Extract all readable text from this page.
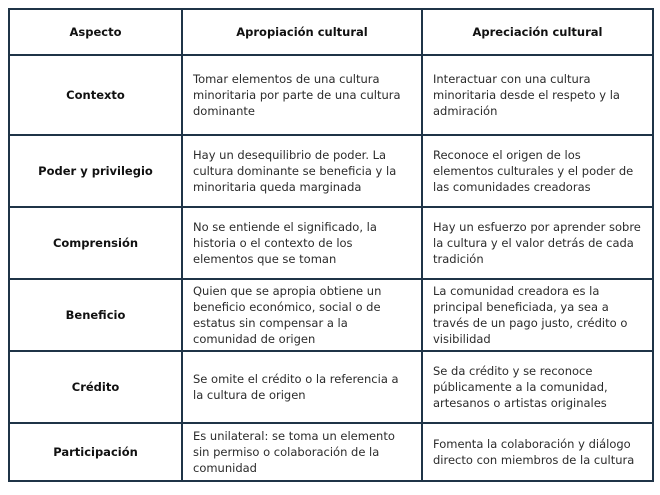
Aspecto	Apropiación cultural	Apreciación cultural
Contexto	Tomar elementos de una cultura minoritaria por parte de una cultura dominante	Interactuar con una cultura minoritaria desde el respeto y la admiración
Poder y privilegio	Hay un desequilibrio de poder. La cultura dominante se beneficia y la minoritaria queda marginada	Reconoce el origen de los elementos culturales y el poder de las comunidades creadoras
Comprensión	No se entiende el significado, la historia o el contexto de los elementos que se toman	Hay un esfuerzo por aprender sobre la cultura y el valor detrás de cada tradición
Beneficio	Quien que se apropia obtiene un beneficio económico, social o de estatus sin compensar a la comunidad de origen	La comunidad creadora es la principal beneficiada, ya sea a través de un pago justo, crédito o visibilidad
Crédito	Se omite el crédito o la referencia a la cultura de origen	Se da crédito y se reconoce públicamente a la comunidad, artesanos o artistas originales
Participación	Es unilateral: se toma un elemento sin permiso o colaboración de la comunidad	Fomenta la colaboración y diálogo directo con miembros de la cultura
